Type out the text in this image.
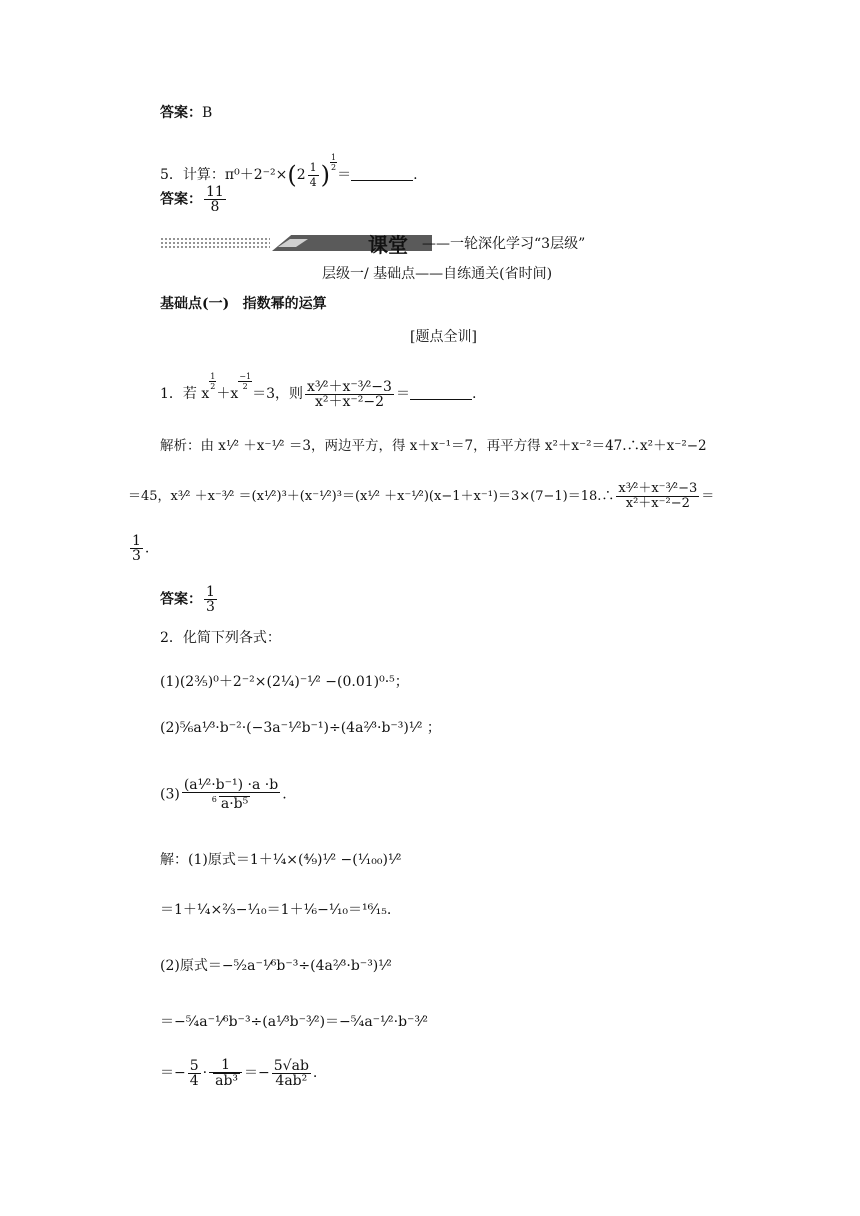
答案：B
5．计算：$\pi^0+2^{-2}\times(2 \frac{1}{4}$ ) $\frac{1}{2}$
＝	.
答案： $\frac{11}{8}$
课堂 ——一轮深化学习“3层级”
层级一/ 基础点——自练通关(省时间)
基础点(一) 指数幂的运算
[题点全训]
1．若 x
$\frac{1}{2}$
＋x
$\frac{-1}{2}$
＝3，则 $\frac{\text{x³⁄²＋x⁻³⁄²−3}}{\text{x²＋x⁻²−2}}$ ＝	.
解析：由 x¹⁄² ＋x⁻¹⁄² ＝3，两边平方，得 x＋x⁻¹＝7，再平方得 x²＋x⁻²＝47.∴x²＋x⁻²−2
＝45，x³⁄² ＋x⁻³⁄² ＝(x¹⁄²)³＋(x⁻¹⁄²)³＝(x¹⁄² ＋x⁻¹⁄²)(x−1＋x⁻¹)＝3×(7−1)＝18.∴ $\frac{\text{x³⁄²＋x⁻³⁄²−3}}{\text{x²＋x⁻²−2}}$ ＝
$\frac{1}{3}$ .
答案： $\frac{1}{3}$
2．化简下列各式：
(1)(2³⁄₅)⁰＋2⁻²×(2¹⁄₄)⁻¹⁄² −(0.01)⁰·⁵；
(2)⁵⁄₆a¹⁄³·b⁻²·(−3a⁻¹⁄²b⁻¹)÷(4a²⁄³·b⁻³)¹⁄² ；
$(3) \frac{\text{(a¹⁄²·b⁻¹) ·a ·b}}{^6 a\cdot b^5}$ .
解：(1)原式＝1＋¹⁄₄×(⁴⁄₉)¹⁄² −(¹⁄₁₀₀)¹⁄²
＝1＋¹⁄₄×²⁄₃−¹⁄₁₀＝1＋¹⁄₆−¹⁄₁₀＝¹⁶⁄₁₅.
(2)原式＝−⁵⁄₂a⁻¹⁄⁶b⁻³÷(4a²⁄³·b⁻³)¹⁄²
＝−⁵⁄₄a⁻¹⁄⁶b⁻³÷(a¹⁄³b⁻³⁄²)＝−⁵⁄₄a⁻¹⁄²·b⁻³⁄²
＝− $\frac{5}{4} \cdot \frac{1}{\text{ab³}} =- \frac{5√ab}{\text{4ab²}}$ .
